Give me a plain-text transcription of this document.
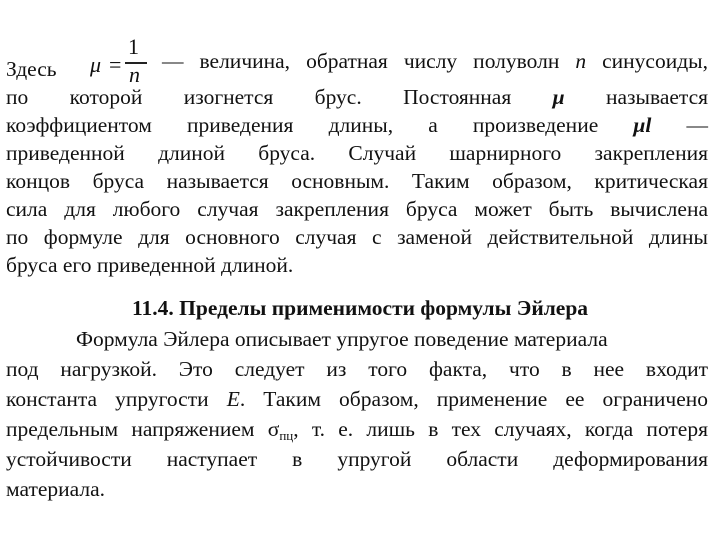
Здесь μ =
1
n
— величина, обратная числу полуволн n синусоиды,
по которой изогнется брус. Постоянная μ называется
коэффициентом приведения длины, а произведение μl —
приведенной длиной бруса. Случай шарнирного закрепления
концов бруса называется основным. Таким образом, критическая
сила для любого случая закрепления бруса может быть вычислена
по формуле для основного случая с заменой действительной длины
бруса его приведенной длиной.
11.4. Пределы применимости формулы Эйлера
Формула Эйлера описывает упругое поведение материала
под нагрузкой. Это следует из того факта, что в нее входит
константа упругости E. Таким образом, применение ее ограничено
предельным напряжением $\sigma_{пц}$, т. е. лишь в тех случаях, когда потеря
устойчивости наступает в упругой области деформирования
материала.
